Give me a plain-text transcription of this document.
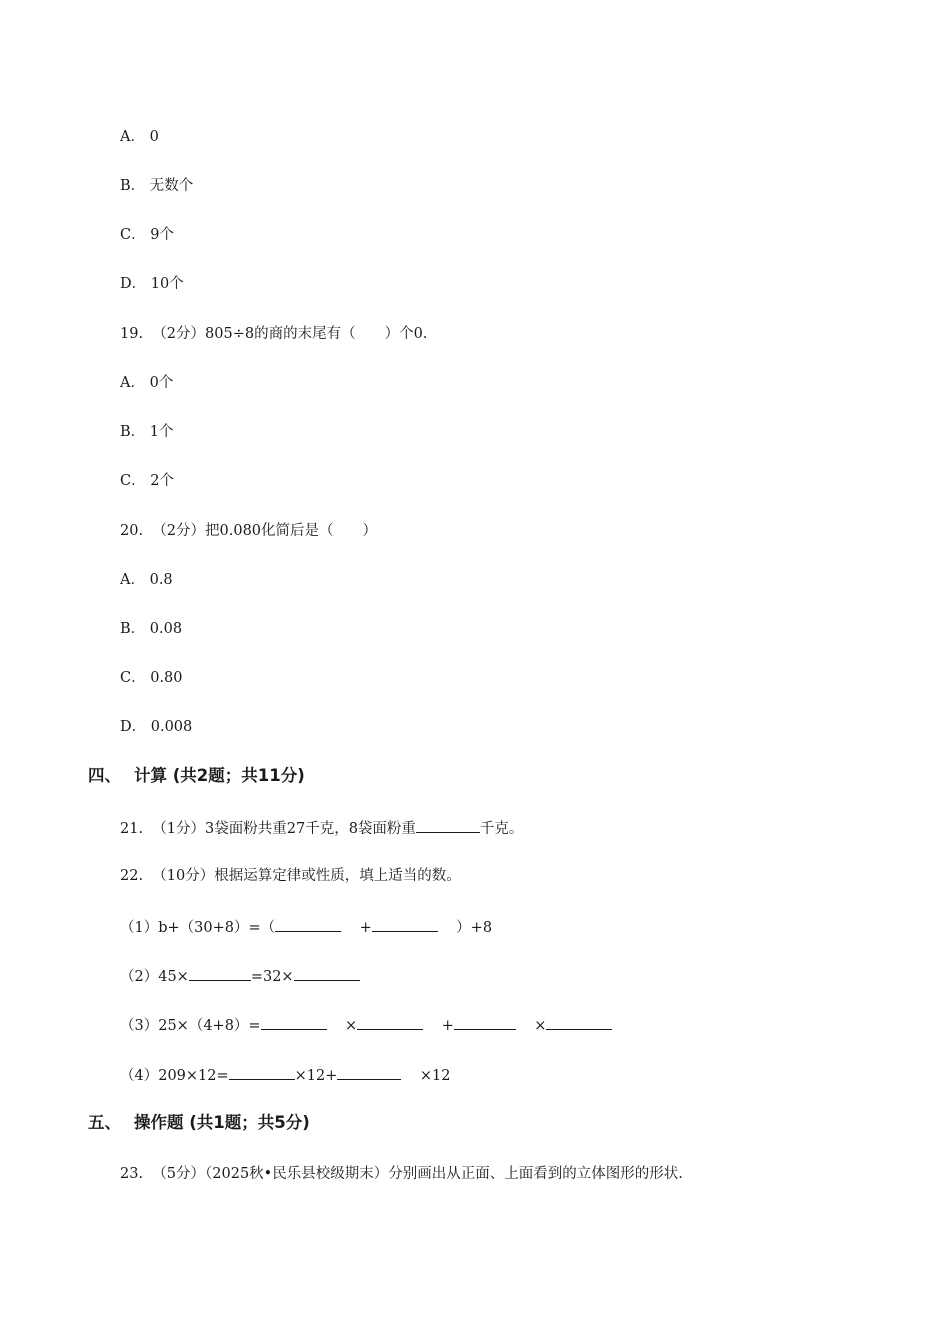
A． 0
B． 无数个
C． 9个
D． 10个
19. （2分）805÷8的商的末尾有（　　）个0.
A． 0个
B． 1个
C． 2个
20. （2分）把0.080化简后是（　　）
A． 0.8
B． 0.08
C． 0.80
D． 0.008
四、 计算 (共2题；共11分)
21. （1分）3袋面粉共重27千克，8袋面粉重	千克。
22. （10分）根据运算定律或性质，填上适当的数。
（1）b+（30+8）=（	+	）+8
（2）45×	=32×
（3）25×（4+8）=	×	+	×
（4）209×12=	×12+	×12
五、 操作题 (共1题；共5分)
23. （5分）（2025秋•民乐县校级期末）分别画出从正面、上面看到的立体图形的形状.
